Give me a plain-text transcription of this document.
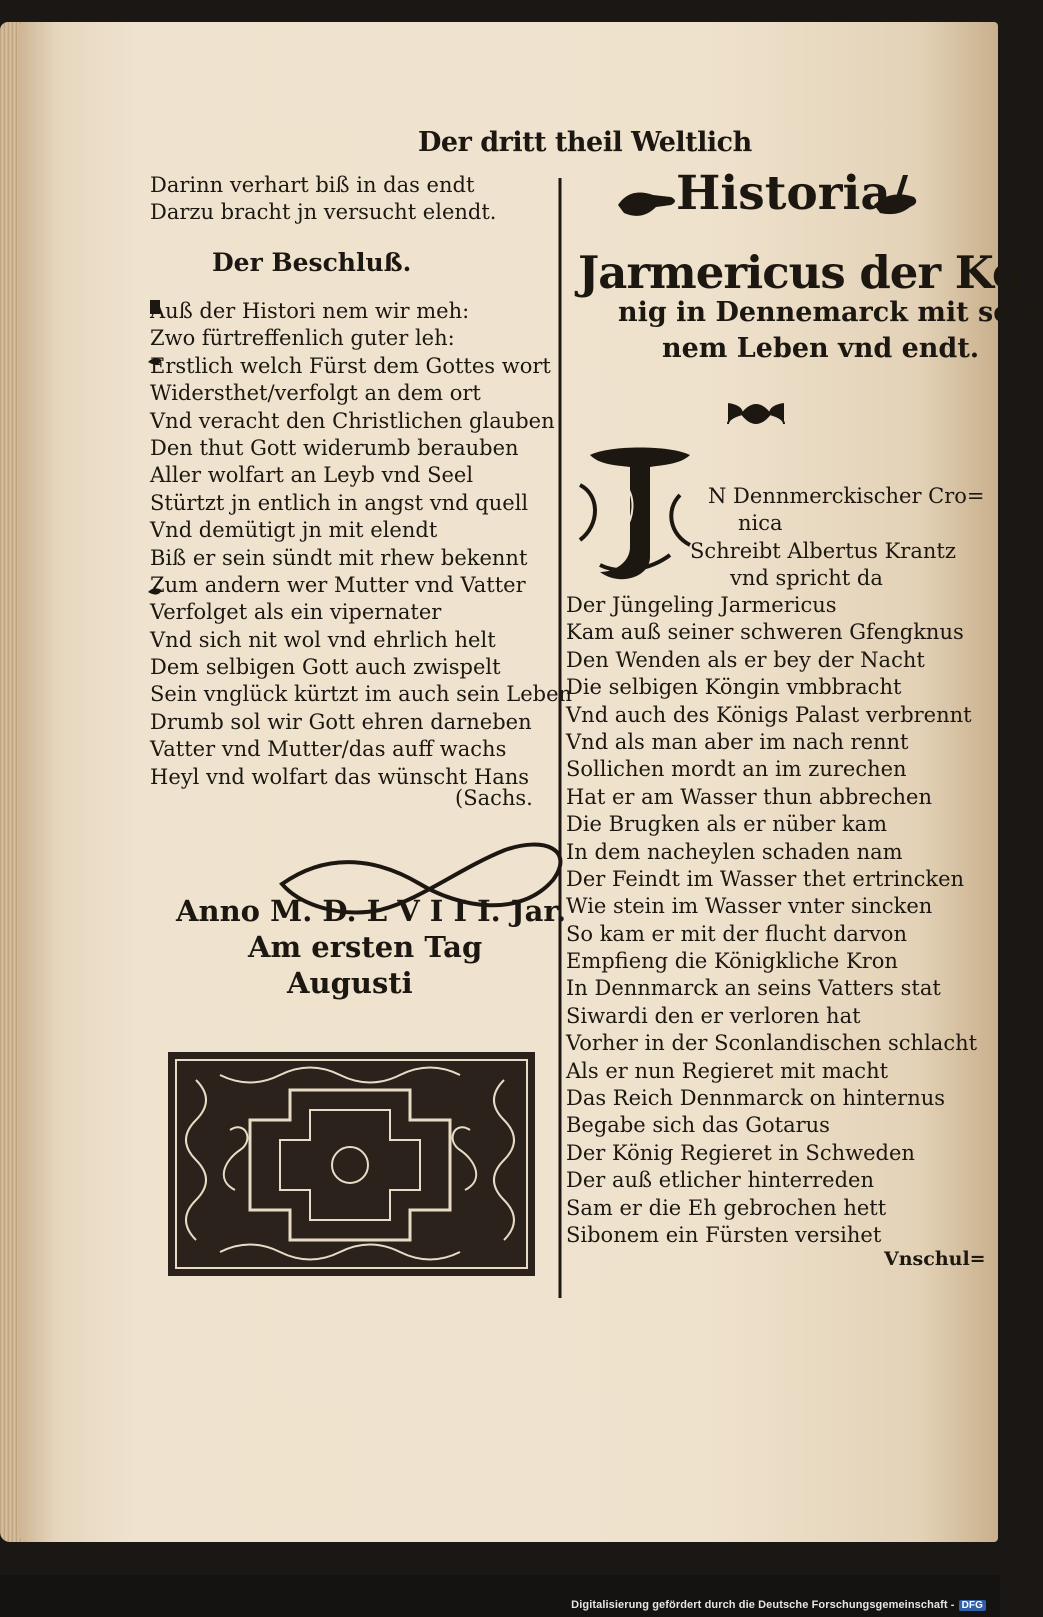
Der dritt theil Weltlich
Darinn verhart biß in das endt
Darzu bracht jn versucht elendt.
Der Beschluß.
Auß der Histori nem wir meh:
Zwo fürtreffenlich guter leh:
Erstlich welch Fürst dem Gottes wort
Widersthet/verfolgt an dem ort
Vnd veracht den Christlichen glauben
Den thut Gott widerumb berauben
Aller wolfart an Leyb vnd Seel
Stürtzt jn entlich in angst vnd quell
Vnd demütigt jn mit elendt
Biß er sein sündt mit rhew bekennt
Zum andern wer Mutter vnd Vatter
Verfolget als ein vipernater
Vnd sich nit wol vnd ehrlich helt
Dem selbigen Gott auch zwispelt
Sein vnglück kürtzt im auch sein Leben
Drumb sol wir Gott ehren darneben
Vatter vnd Mutter/das auff wachs
Heyl vnd wolfart das wünscht Hans
(Sachs.
Anno M. D. L V I I I. Jar.
Am ersten Tag
Augusti
Historia/
Jarmericus der Kö
nig in Dennemarck mit sei=
nem Leben vnd endt.
N Dennmerckischer Cro=
nica
Schreibt Albertus Krantz
vnd spricht da
Der Jüngeling Jarmericus
Kam auß seiner schweren Gfengknus
Den Wenden als er bey der Nacht
Die selbigen Köngin vmbbracht
Vnd auch des Königs Palast verbrennt
Vnd als man aber im nach rennt
Sollichen mordt an im zurechen
Hat er am Wasser thun abbrechen
Die Brugken als er nüber kam
In dem nacheylen schaden nam
Der Feindt im Wasser thet ertrincken
Wie stein im Wasser vnter sincken
So kam er mit der flucht darvon
Empfieng die Königkliche Kron
In Dennmarck an seins Vatters stat
Siwardi den er verloren hat
Vorher in der Sconlandischen schlacht
Als er nun Regieret mit macht
Das Reich Dennmarck on hinternus
Begabe sich das Gotarus
Der König Regieret in Schweden
Der auß etlicher hinterreden
Sam er die Eh gebrochen hett
Sibonem ein Fürsten versihet
Vnschul=
Digitalisierung gefördert durch die Deutsche Forschungsgemeinschaft - DFG
